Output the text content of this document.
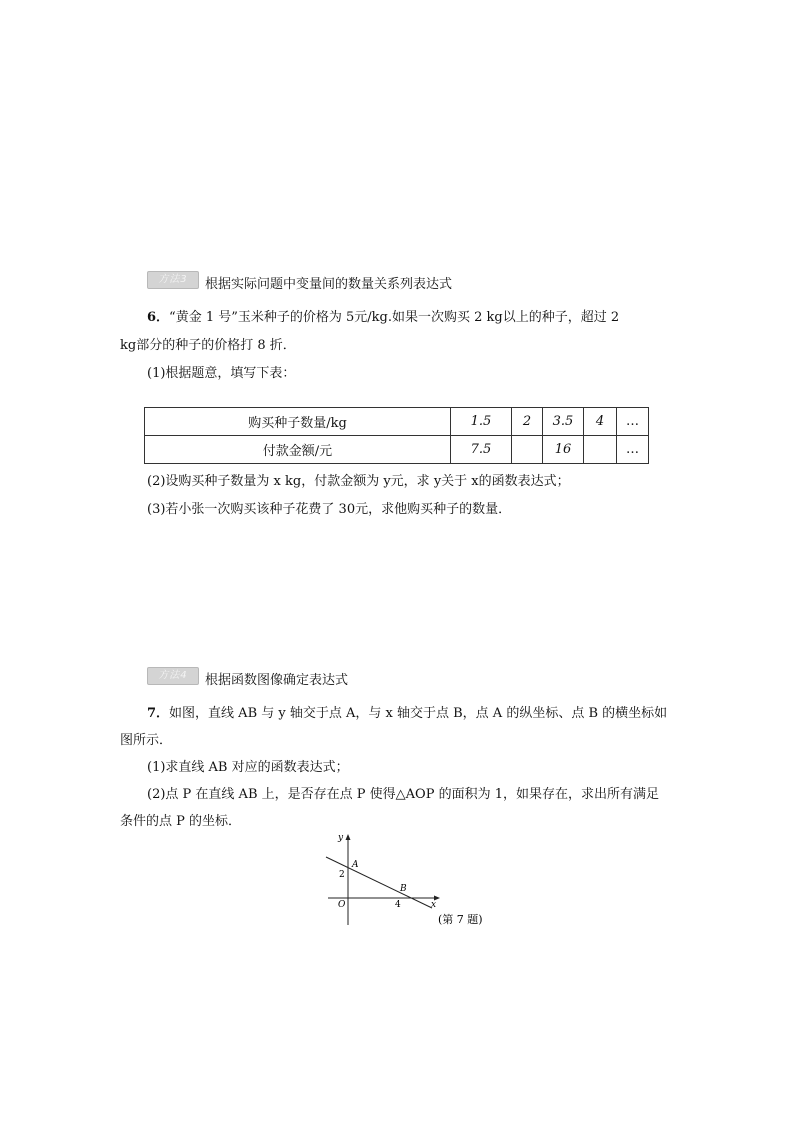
方法3	根据实际问题中变量间的数量关系列表达式
6．“黄金 1 号”玉米种子的价格为 5元/kg.如果一次购买 2 kg以上的种子，超过 2
kg部分的种子的价格打 8 折．
(1)根据题意，填写下表：
购买种子数量/kg	1.5	2	3.5	4	…
付款金额/元	7.5		16		…
(2)设购买种子数量为 x kg，付款金额为 y元，求 y关于 x的函数表达式；
(3)若小张一次购买该种子花费了 30元，求他购买种子的数量．
方法4	根据函数图像确定表达式
7．如图，直线 AB 与 y 轴交于点 A，与 x 轴交于点 B，点 A 的纵坐标、点 B 的横坐标如
图所示．
(1)求直线 AB 对应的函数表达式；
(2)点 P 在直线 AB 上，是否存在点 P 使得△AOP 的面积为 1，如果存在，求出所有满足
条件的点 P 的坐标．
y
x
O
A
B
2
4
(第 7 题)
